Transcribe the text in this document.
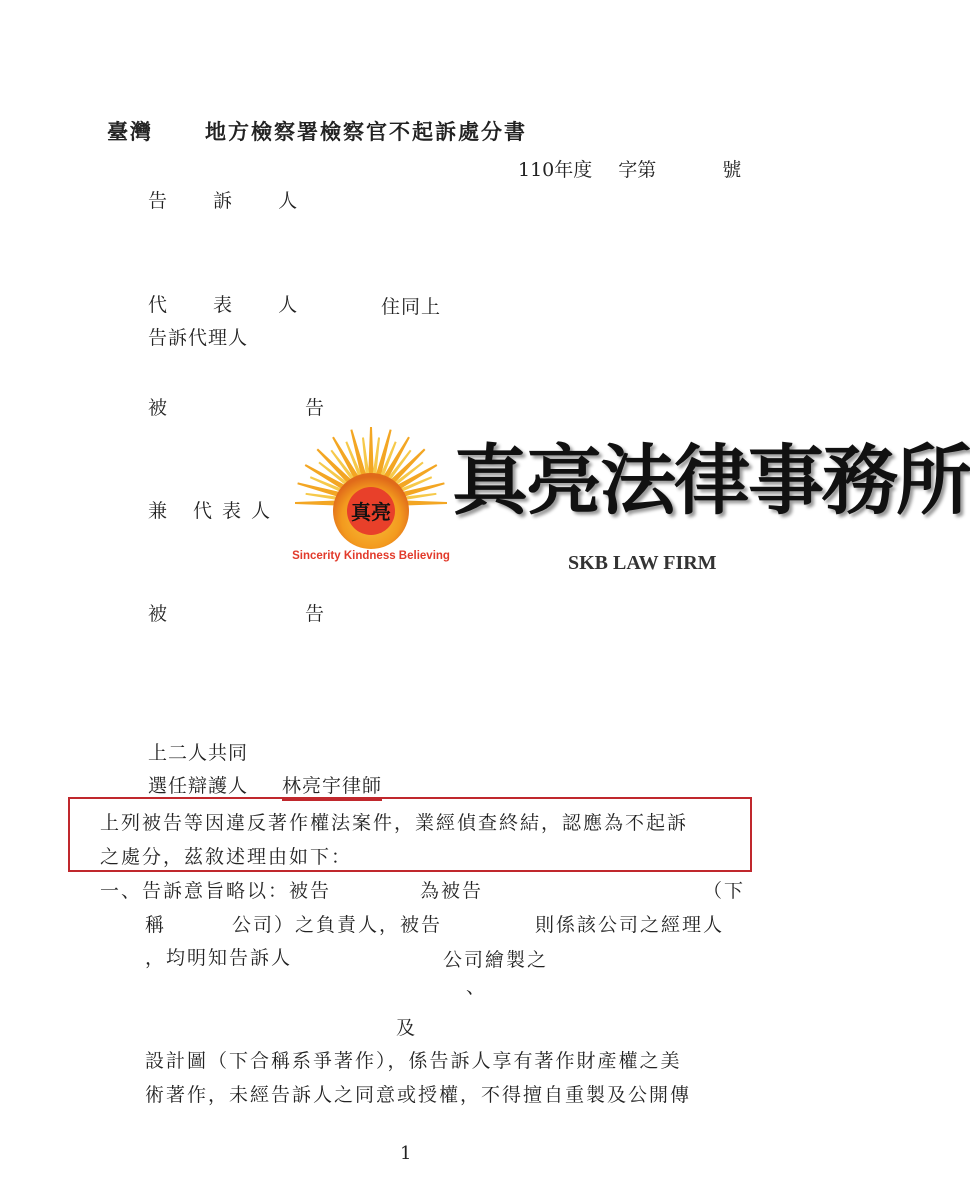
臺灣 地方檢察署檢察官不起訴處分書
110年度 字第	號
告 訴 人
代 表 人	住同上
告訴代理人
被 告
兼 代表人
被 告
真亮
Sincerity Kindness Believing
真亮法律事務所
SKB LAW FIRM
上二人共同
選任辯護人 林亮宇律師
上列被告等因違反著作權法案件，業經偵查終結，認應為不起訴
之處分，茲敘述理由如下：
一、告訴意旨略以：被告	為被告	（下
稱	公司）之負責人，被告	則係該公司之經理人
，均明知告訴人	公司繪製之
、
及
設計圖（下合稱系爭著作），係告訴人享有著作財產權之美
術著作，未經告訴人之同意或授權，不得擅自重製及公開傳
1
